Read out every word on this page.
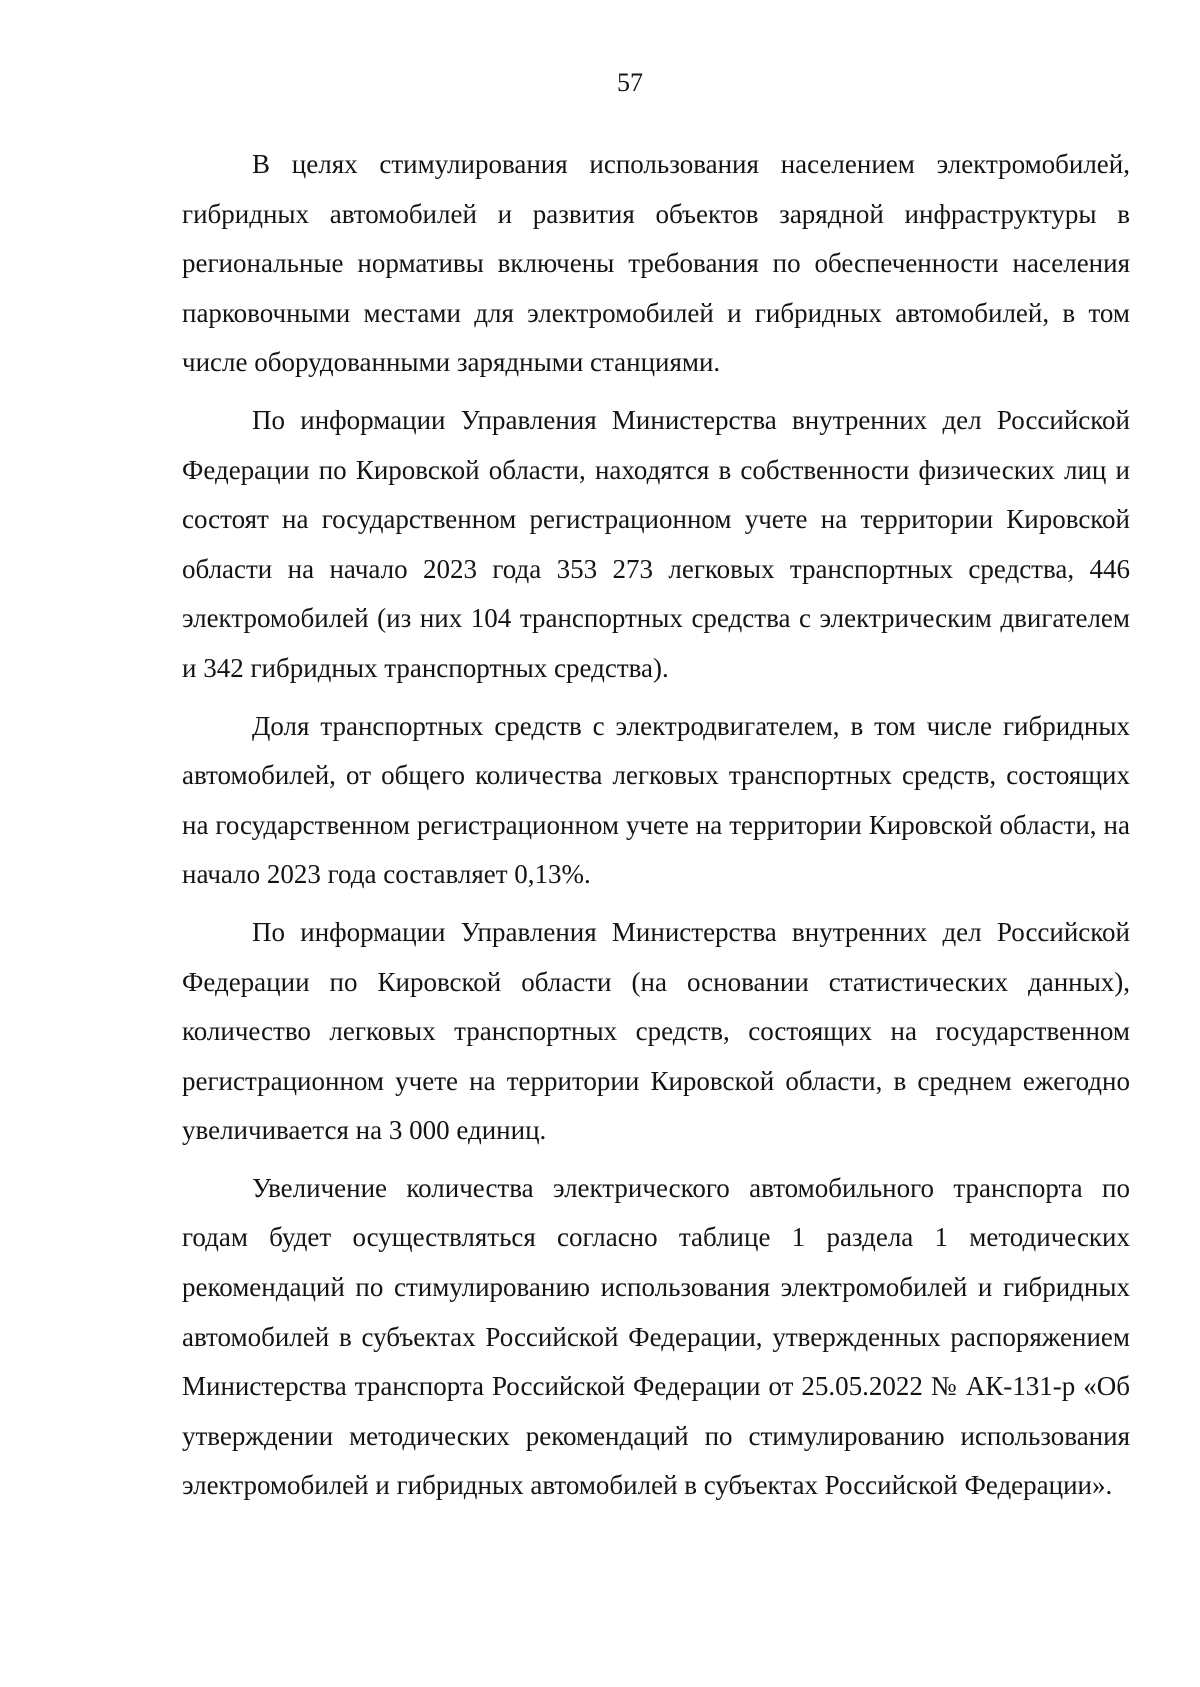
57

В целях стимулирования использования населением электромобилей, гибридных автомобилей и развития объектов зарядной инфраструктуры в региональные нормативы включены требования по обеспеченности населения парковочными местами для электромобилей и гибридных автомобилей, в том числе оборудованными зарядными станциями.

По информации Управления Министерства внутренних дел Российской Федерации по Кировской области, находятся в собственности физических лиц и состоят на государственном регистрационном учете на территории Кировской области на начало 2023 года 353 273 легковых транспортных средства, 446 электромобилей (из них 104 транспортных средства с электрическим двигателем и 342 гибридных транспортных средства).

Доля транспортных средств с электродвигателем, в том числе гибридных автомобилей, от общего количества легковых транспортных средств, состоящих на государственном регистрационном учете на территории Кировской области, на начало 2023 года составляет 0,13%.

По информации Управления Министерства внутренних дел Российской Федерации по Кировской области (на основании статистических данных), количество легковых транспортных средств, состоящих на государственном регистрационном учете на территории Кировской области, в среднем ежегодно увеличивается на 3 000 единиц.

Увеличение количества электрического автомобильного транспорта по годам будет осуществляться согласно таблице 1 раздела 1 методических рекомендаций по стимулированию использования электромобилей и гибридных автомобилей в субъектах Российской Федерации, утвержденных распоряжением Министерства транспорта Российской Федерации от 25.05.2022 № АК-131-р «Об утверждении методических рекомендаций по стимулированию использования электромобилей и гибридных автомобилей в субъектах Российской Федерации».
